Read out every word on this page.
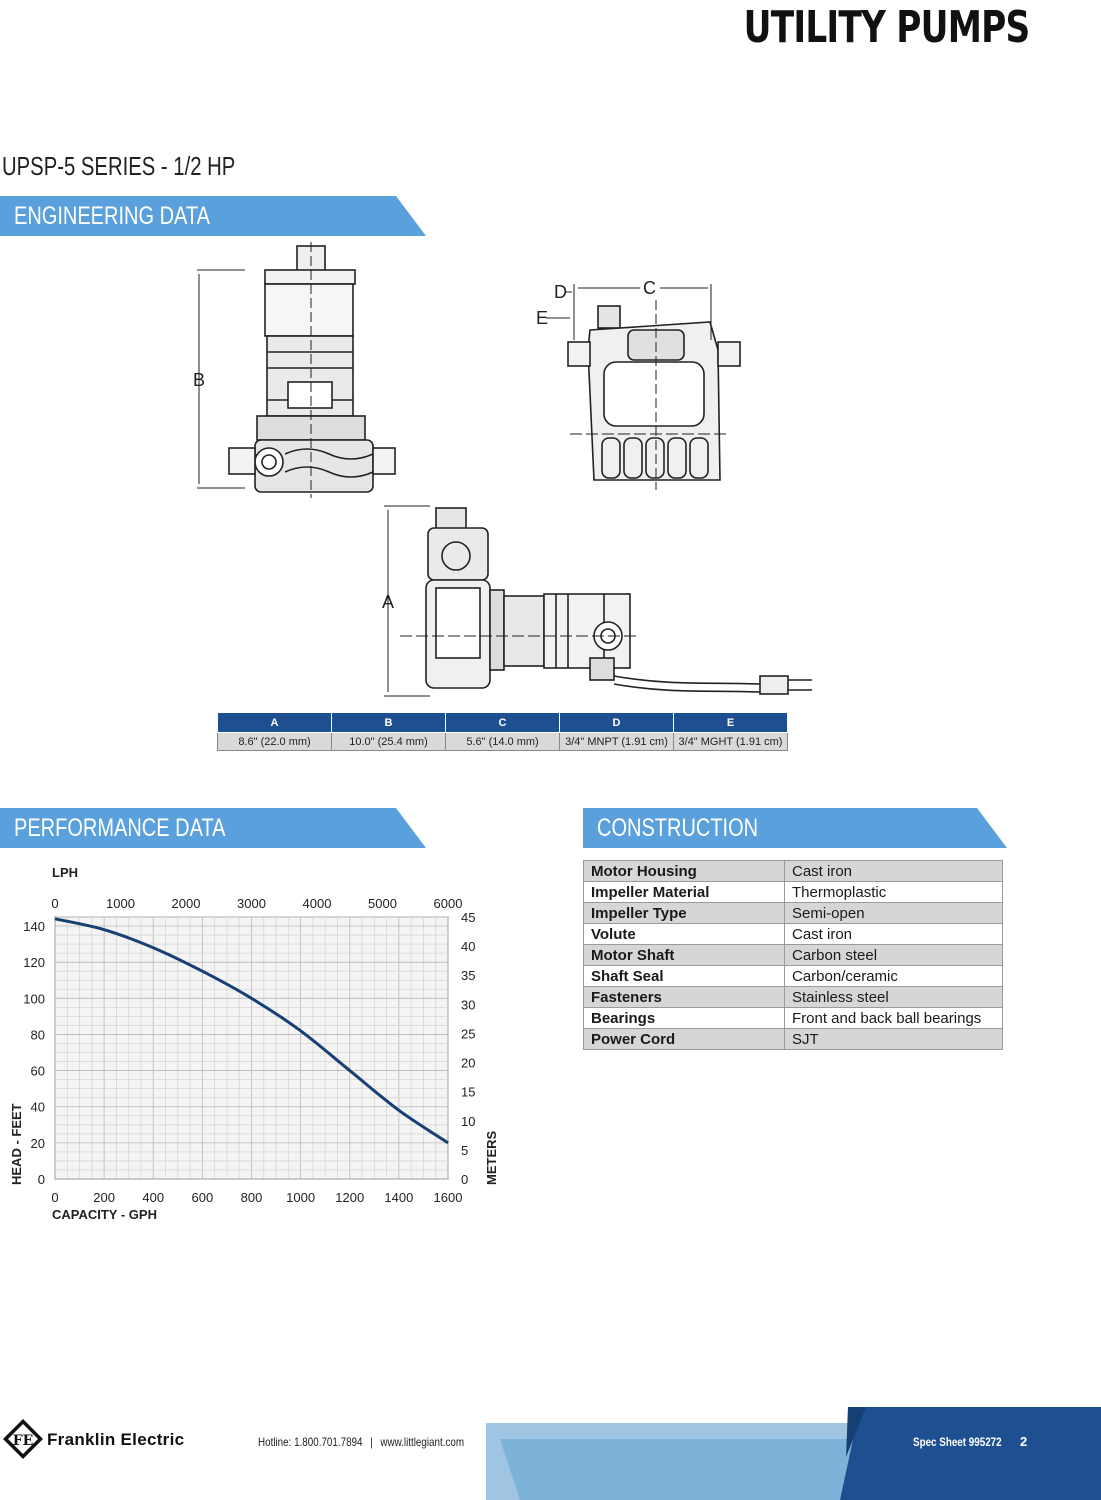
UTILITY PUMPS
UPSP-5 SERIES - 1/2 HP
ENGINEERING DATA
B
D
E
C
A
A	B	C	D	E
8.6" (22.0 mm)	10.0" (25.4 mm)	5.6" (14.0 mm)	3/4" MNPT (1.91 cm)	3/4" MGHT (1.91 cm)
PERFORMANCE DATA	CONSTRUCTION
0	200 400 600 800 1000 1200 1400 1600
0
20
40
60
80
100
120
140
0	1000	2000	3000	4000	5000	6000
0
5
10
15
20
25
30
35
40
45
LPH
CAPACITY - GPH
HEAD - FEET	METERS
Motor Housing	Cast iron
Impeller Material	Thermoplastic
Impeller Type	Semi-open
Volute	Cast iron
Motor Shaft	Carbon steel
Shaft Seal	Carbon/ceramic
Fasteners	Stainless steel
Bearings	Front and back ball bearings
Power Cord	SJT
FE Franklin Electric	Hotline: 1.800.701.7894 | www.littlegiant.com	Spec Sheet 995272 2
